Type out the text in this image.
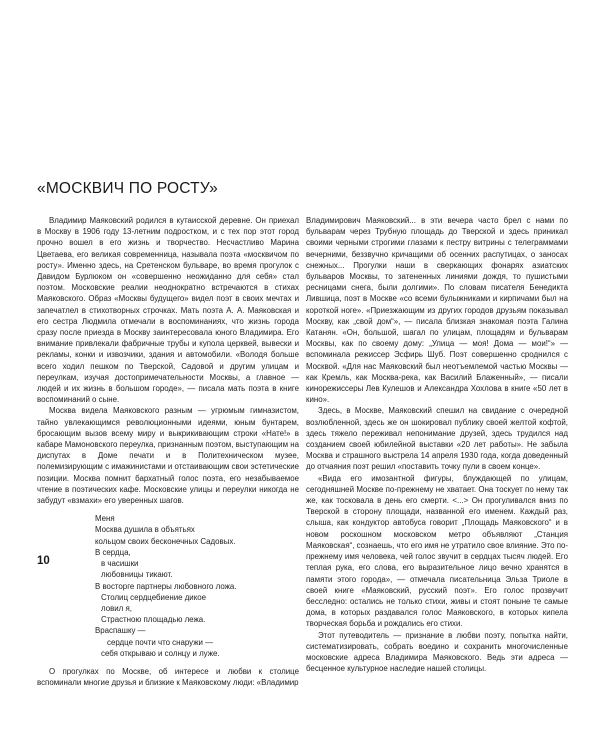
«МОСКВИЧ ПО РОСТУ»

Владимир Маяковский родился в кутаисской деревне. Он приехал в Москву в 1906 году 13-летним подростком, и с тех пор этот город прочно вошел в его жизнь и творчество. Несчастливо Марина Цветаева, его великая современница, называла поэта «москвичом по росту». Именно здесь, на Сретенском бульваре, во время прогулок с Давидом Бурлюком он «совершенно неожиданно для себя» стал поэтом. Московские реалии неоднократно встречаются в стихах Маяковского. Образ «Москвы будущего» видел поэт в своих мечтах и запечатлел в стихотворных строчках. Мать поэта А. А. Маяковская и его сестра Людмила отмечали в воспоминаниях, что жизнь города сразу после приезда в Москву заинтересовала юного Владимира. Его внимание привлекали фабричные трубы и купола церквей, вывески и рекламы, конки и извозчики, здания и автомобили. «Володя больше всего ходил пешком по Тверской, Садовой и другим улицам и переулкам, изучая достопримечательности Москвы, а главное — людей и их жизнь в большом городе», — писала мать поэта в книге воспоминаний о сыне.

Москва видела Маяковского разным — угрюмым гимназистом, тайно увлекающимся революционными идеями, юным бунтарем, бросающим вызов всему миру и выкрикивающим строки «Нате!» в кабаре Мамоновского переулка, признанным поэтом, выступающим на диспутах в Доме печати и в Политехническом музее, полемизирующим с имажинистами и отстаивающим свои эстетические позиции. Москва помнит бархатный голос поэта, его незабываемое чтение в поэтических кафе. Московские улицы и переулки никогда не забудут «взмахи» его уверенных шагов.

Меня
Москва душила в объятьях
кольцом своих бесконечных Садовых.
В сердца,
в часишки
любовницы тикают.
В восторге партнеры любовного ложа.
Столиц сердцебиение дикое
ловил я,
Страстною площадью лежа.
Враспашку —
сердце почти что снаружи —
себя открываю и солнцу и луже.

О прогулках по Москве, об интересе и любви к столице вспоминали многие друзья и близкие к Маяковскому люди: «Владимир

Владимирович Маяковский... в эти вечера часто брел с нами по бульварам через Трубную площадь до Тверской и здесь приникал своими черными строгими глазами к пестру витрины с телеграммами вечерними, беззвучно кричащими об осенних распутицах, о заносах снежных... Прогулки наши в сверкающих фонарях азиатских бульваров Москвы, то затененных линиями дождя, то пушистыми ресницами снега, были долгими». По словам писателя Бенедикта Лившица, поэт в Москве «со всеми булыжниками и кирпичами был на короткой ноге». «Приезжающим из других городов друзьям показывал Москву, как „свой дом“», — писала близкая знакомая поэта Галина Катанян. «Он, большой, шагал по улицам, площадям и бульварам Москвы, как по своему дому: „Улица — моя! Дома — мои!“» — вспоминала режиссер Эсфирь Шуб. Поэт совершенно сроднился с Москвой. «Для нас Маяковский был неотъемлемой частью Москвы — как Кремль, как Москва-река, как Василий Блаженный», — писали кинорежиссеры Лев Кулешов и Александра Хохлова в книге «50 лет в кино».

Здесь, в Москве, Маяковский спешил на свидание с очередной возлюбленной, здесь же он шокировал публику своей желтой кофтой, здесь тяжело переживал непонимание друзей, здесь трудился над созданием своей юбилейной выставки «20 лет работы». Не забыла Москва и страшного выстрела 14 апреля 1930 года, когда доведенный до отчаяния поэт решил «поставить точку пули в своем конце».

«Вида его имозантной фигуры, блуждающей по улицам, сегодняшней Москве по-прежнему не хватает. Она тоскует по нему так же, как тосковала в день его смерти. <...> Он прогуливался вниз по Тверской в сторону площади, названной его именем. Каждый раз, слыша, как кондуктор автобуса говорит „Площадь Маяковского“ и в новом роскошном московском метро объявляют „Станция Маяковская“, сознаешь, что его имя не утратило свое влияние. Это по-прежнему имя человека, чей голос звучит в сердцах тысяч людей. Его теплая рука, его слова, его выразительное лицо вечно хранятся в памяти этого города», — отмечала писательница Эльза Триоле в своей книге «Маяковский, русский поэт». Его голос прозвучит бесследно: остались не только стихи, живы и стоят поныне те самые дома, в которых раздавался голос Маяковского, в которых кипела творческая борьба и рождались его стихи.

Этот путеводитель — признание в любви поэту, попытка найти, систематизировать, собрать воедино и сохранить многочисленные московские адреса Владимира Маяковского. Ведь эти адреса — бесценное культурное наследие нашей столицы.

10
